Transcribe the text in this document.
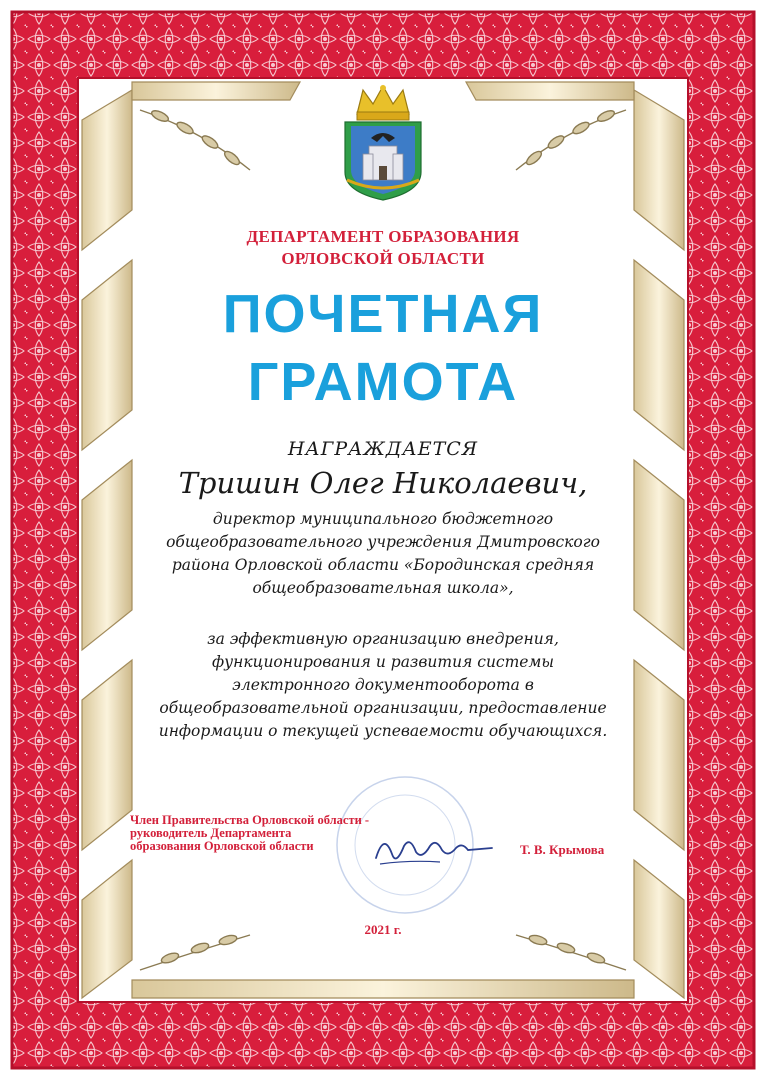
ДЕПАРТАМЕНТ ОБРАЗОВАНИЯ

ОРЛОВСКОЙ ОБЛАСТИ

ПОЧЕТНАЯ

ГРАМОТА

НАГРАЖДАЕТСЯ

Тришин Олег Николаевич,

директор муниципального бюджетного

общеобразовательного учреждения Дмитровского

района Орловской области «Бородинская средняя

общеобразовательная школа»,

за эффективную организацию внедрения,

функционирования и развития системы

электронного документооборота в

общеобразовательной организации, предоставление

информации о текущей успеваемости обучающихся.

Член Правительства Орловской области -
руководитель Департамента
образования Орловской области	Т. В. Крымова
2021 г.
